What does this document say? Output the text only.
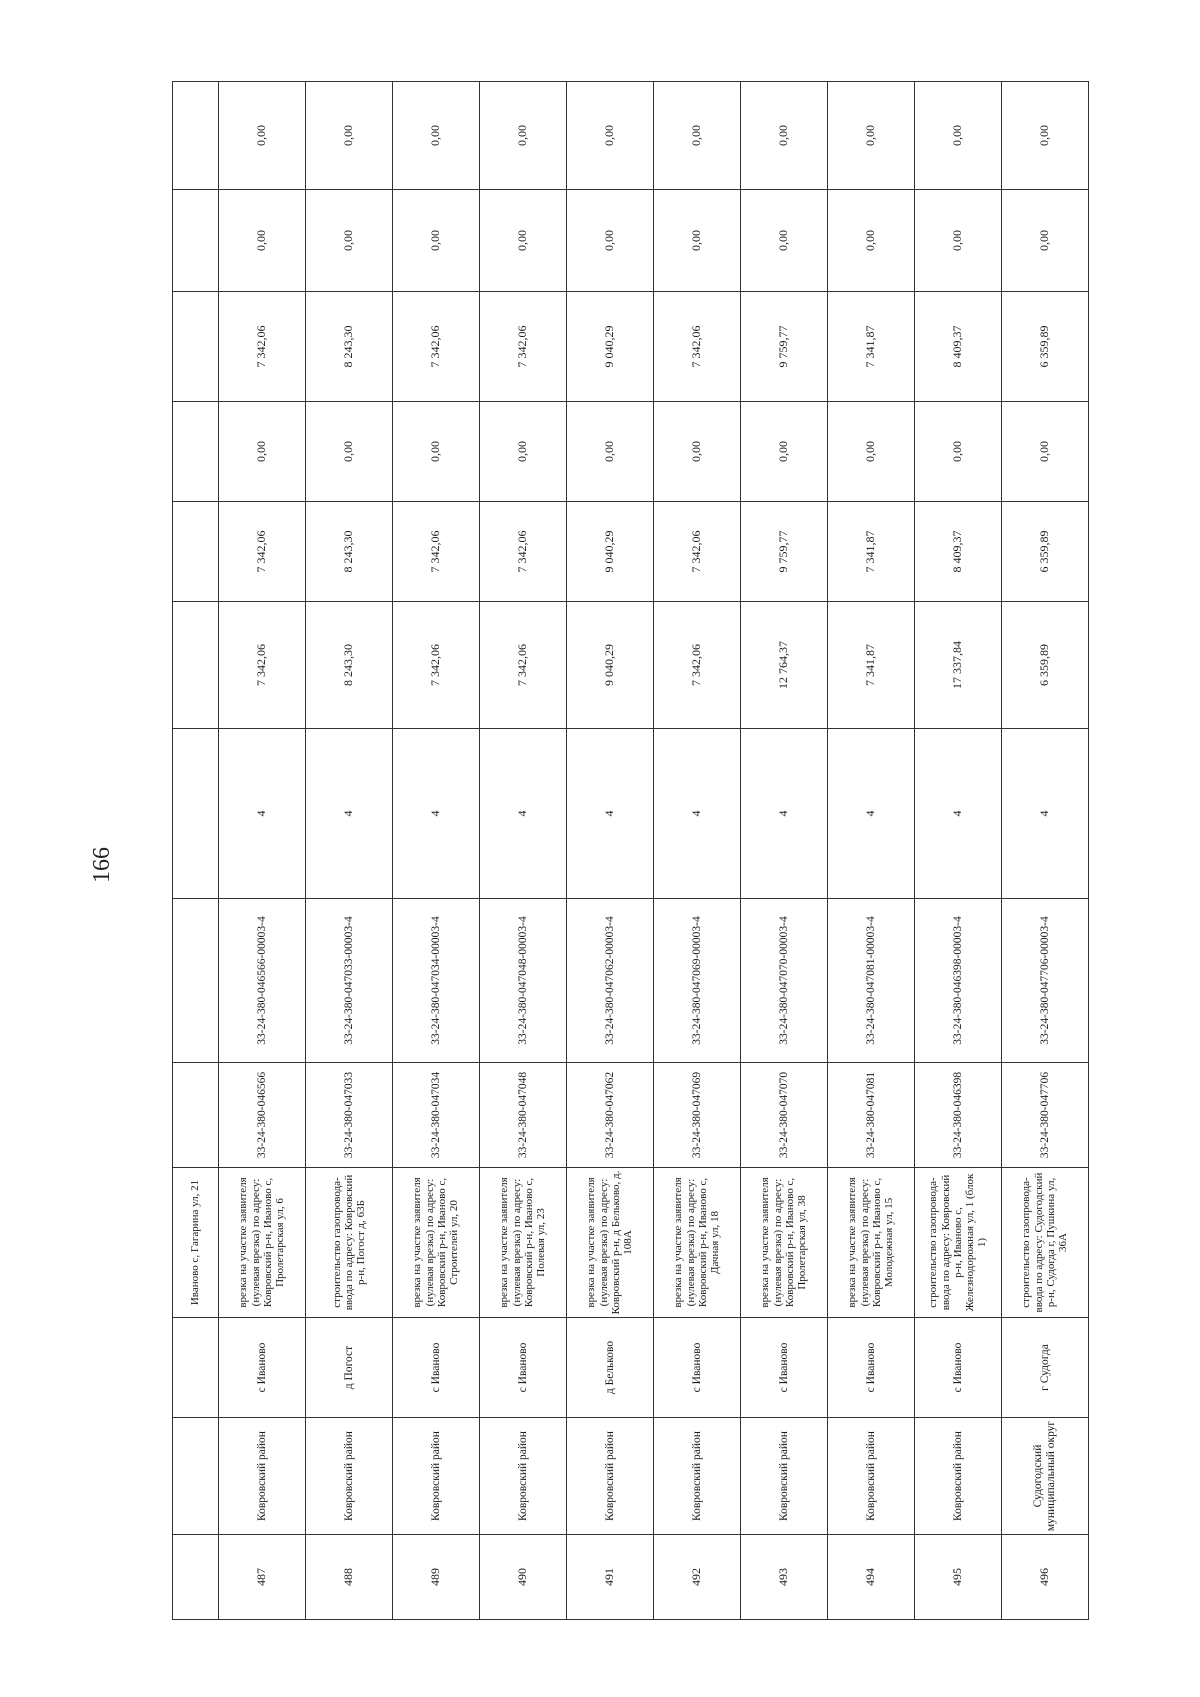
166
			Иваново с, Гагарина ул, 21									
487	Ковровский район	с Иваново	врезка на участке заявителя (нулевая врезка) по адресу: Ковровский р-н, Иваново с, Пролетарская ул, 6	33-24-380-046566	33-24-380-046566-00003-4	4	7 342,06	7 342,06	0,00	7 342,06	0,00	0,00
488	Ковровский район	д Погост	строительство газопровода-ввода по адресу: Ковровский р-н, Погост д, 63Б	33-24-380-047033	33-24-380-047033-00003-4	4	8 243,30	8 243,30	0,00	8 243,30	0,00	0,00
489	Ковровский район	с Иваново	врезка на участке заявителя (нулевая врезка) по адресу: Ковровский р-н, Иваново с, Строителей ул, 20	33-24-380-047034	33-24-380-047034-00003-4	4	7 342,06	7 342,06	0,00	7 342,06	0,00	0,00
490	Ковровский район	с Иваново	врезка на участке заявителя (нулевая врезка) по адресу: Ковровский р-н, Иваново с, Полевая ул, 23	33-24-380-047048	33-24-380-047048-00003-4	4	7 342,06	7 342,06	0,00	7 342,06	0,00	0,00
491	Ковровский район	д Бельково	врезка на участке заявителя (нулевая врезка) по адресу: Ковровский р-н, д Бельково, д. 108А	33-24-380-047062	33-24-380-047062-00003-4	4	9 040,29	9 040,29	0,00	9 040,29	0,00	0,00
492	Ковровский район	с Иваново	врезка на участке заявителя (нулевая врезка) по адресу: Ковровский р-н, Иваново с, Дачная ул, 18	33-24-380-047069	33-24-380-047069-00003-4	4	7 342,06	7 342,06	0,00	7 342,06	0,00	0,00
493	Ковровский район	с Иваново	врезка на участке заявителя (нулевая врезка) по адресу: Ковровский р-н, Иваново с, Пролетарская ул, 38	33-24-380-047070	33-24-380-047070-00003-4	4	12 764,37	9 759,77	0,00	9 759,77	0,00	0,00
494	Ковровский район	с Иваново	врезка на участке заявителя (нулевая врезка) по адресу: Ковровский р-н, Иваново с, Молодежная ул, 15	33-24-380-047081	33-24-380-047081-00003-4	4	7 341,87	7 341,87	0,00	7 341,87	0,00	0,00
495	Ковровский район	с Иваново	строительство газопровода-ввода по адресу: Ковровский р-н, Иваново с, Железнодорожная ул, 1 (блок 1)	33-24-380-046398	33-24-380-046398-00003-4	4	17 337,84	8 409,37	0,00	8 409,37	0,00	0,00
496	Судогодский муниципальный округ	г Судогда	строительство газопровода-ввода по адресу: Судогодский р-н, Судогда г, Пушкина ул, 36А	33-24-380-047706	33-24-380-047706-00003-4	4	6 359,89	6 359,89	0,00	6 359,89	0,00	0,00
